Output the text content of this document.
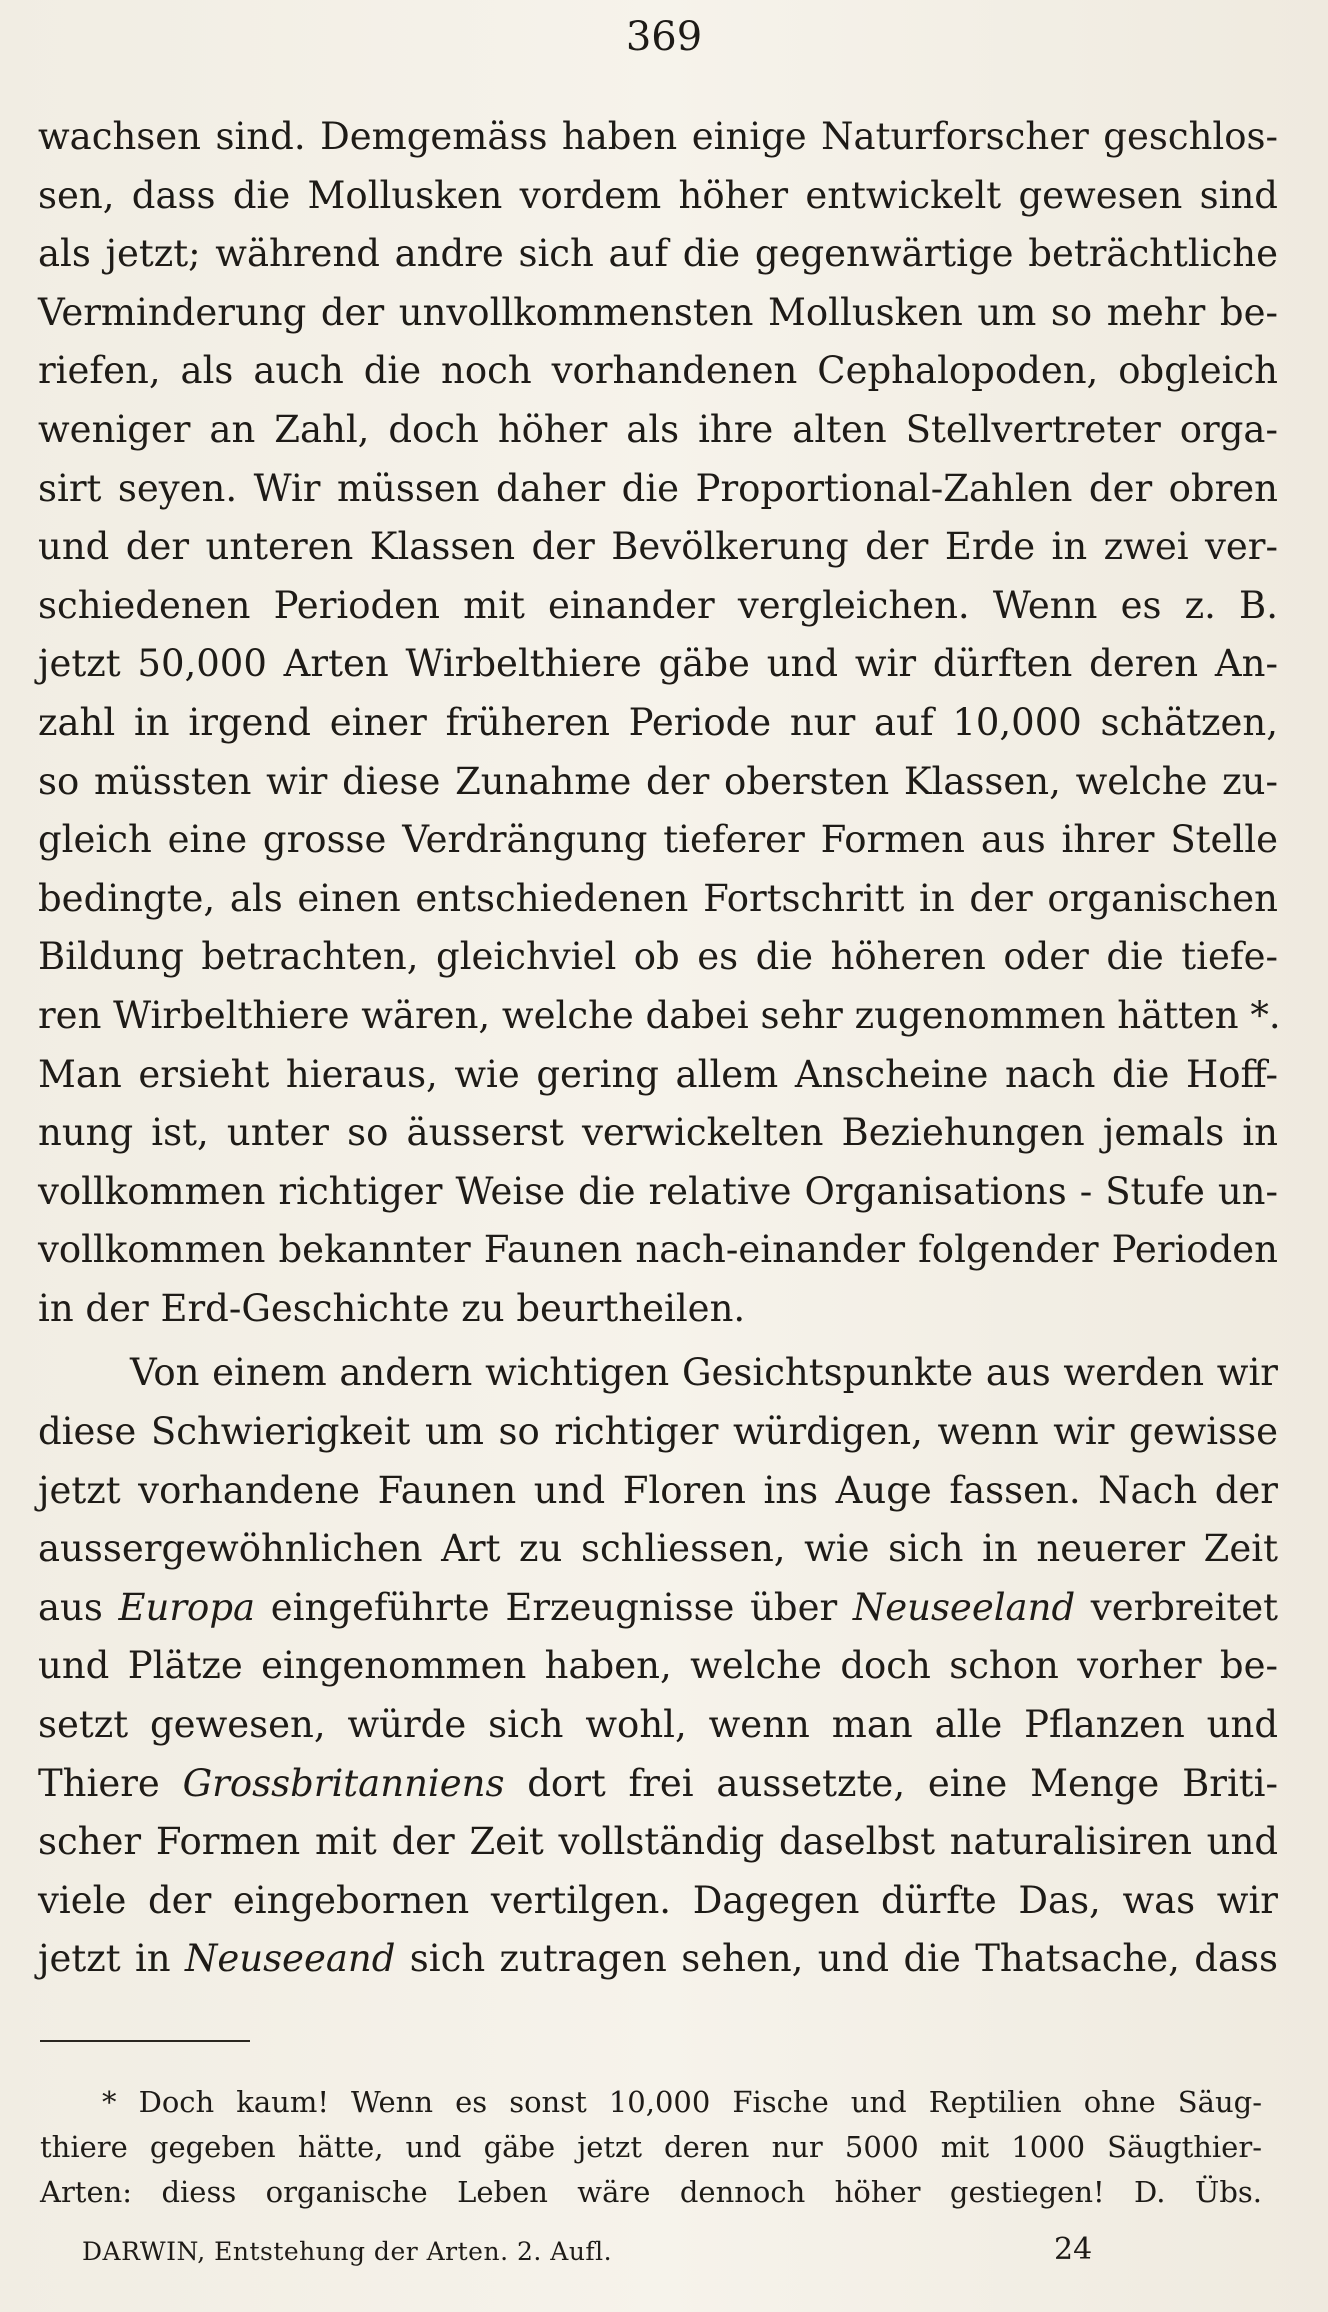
369
wachsen sind. Demgemäss haben einige Naturforscher geschlos-
sen, dass die Mollusken vordem höher entwickelt gewesen sind
als jetzt; während andre sich auf die gegenwärtige beträchtliche
Verminderung der unvollkommensten Mollusken um so mehr be-
riefen, als auch die noch vorhandenen Cephalopoden, obgleich
weniger an Zahl, doch höher als ihre alten Stellvertreter orga-
sirt seyen. Wir müssen daher die Proportional-Zahlen der obren
und der unteren Klassen der Bevölkerung der Erde in zwei ver-
schiedenen Perioden mit einander vergleichen. Wenn es z. B.
jetzt 50,000 Arten Wirbelthiere gäbe und wir dürften deren An-
zahl in irgend einer früheren Periode nur auf 10,000 schätzen,
so müssten wir diese Zunahme der obersten Klassen, welche zu-
gleich eine grosse Verdrängung tieferer Formen aus ihrer Stelle
bedingte, als einen entschiedenen Fortschritt in der organischen
Bildung betrachten, gleichviel ob es die höheren oder die tiefe-
ren Wirbelthiere wären, welche dabei sehr zugenommen hätten *.
Man ersieht hieraus, wie gering allem Anscheine nach die Hoff-
nung ist, unter so äusserst verwickelten Beziehungen jemals in
vollkommen richtiger Weise die relative Organisations - Stufe un-
vollkommen bekannter Faunen nach-einander folgender Perioden
in der Erd-Geschichte zu beurtheilen.
Von einem andern wichtigen Gesichtspunkte aus werden wir
diese Schwierigkeit um so richtiger würdigen, wenn wir gewisse
jetzt vorhandene Faunen und Floren ins Auge fassen. Nach der
aussergewöhnlichen Art zu schliessen, wie sich in neuerer Zeit
aus Europa eingeführte Erzeugnisse über Neuseeland verbreitet
und Plätze eingenommen haben, welche doch schon vorher be-
setzt gewesen, würde sich wohl, wenn man alle Pflanzen und
Thiere Grossbritanniens dort frei aussetzte, eine Menge Briti-
scher Formen mit der Zeit vollständig daselbst naturalisiren und
viele der eingebornen vertilgen. Dagegen dürfte Das, was wir
jetzt in Neuseeand sich zutragen sehen, und die Thatsache, dass
* Doch kaum! Wenn es sonst 10,000 Fische und Reptilien ohne Säug-
thiere gegeben hätte, und gäbe jetzt deren nur 5000 mit 1000 Säugthier-
Arten: diess organische Leben wäre dennoch höher gestiegen! D. Übs.
DARWIN, Entstehung der Arten. 2. Aufl.	24
